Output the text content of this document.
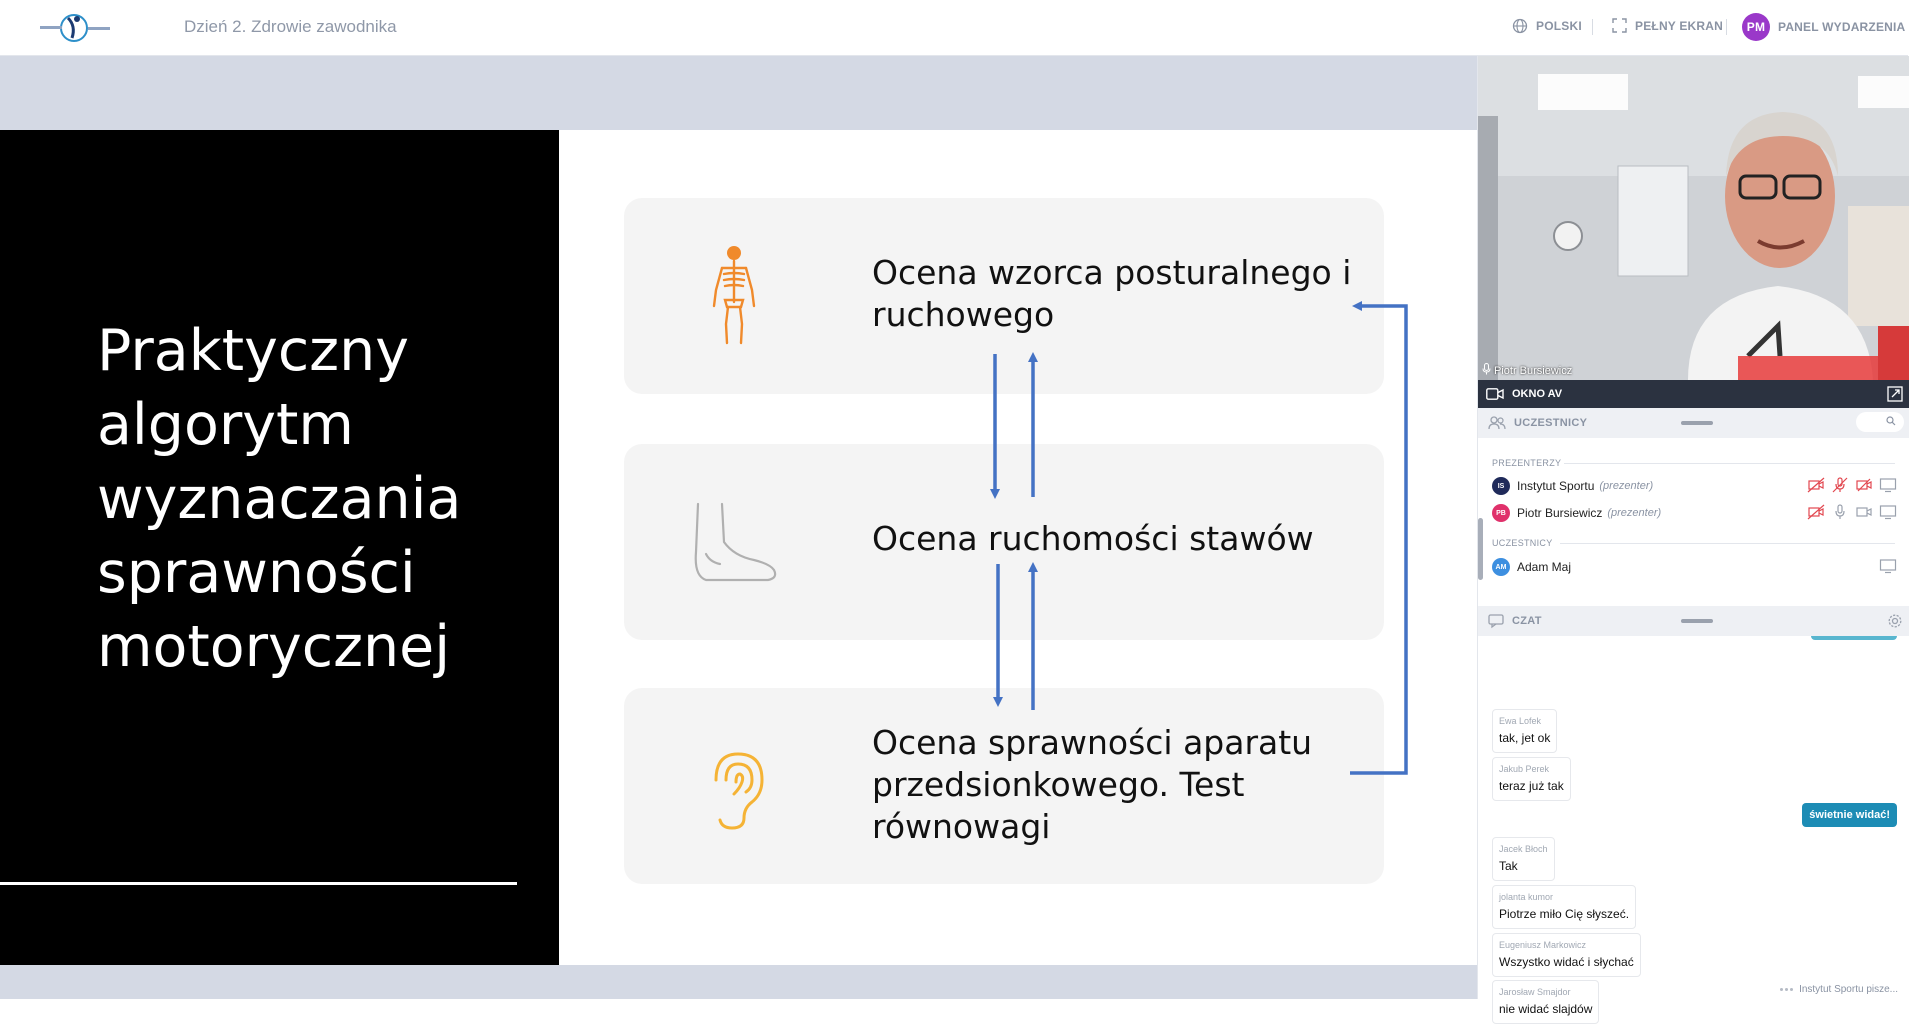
Dzień 2. Zdrowie zawodnika	POLSKI	PEŁNY EKRAN	PM	PANEL WYDARZENIA
Praktyczny
algorytm
wyznaczania
sprawności
motorycznej
Ocena wzorca posturalnego i
ruchowego
Ocena ruchomości stawów
Ocena sprawności aparatu
przedsionkowego. Test
równowagi
Piotr Bursiewicz
OKNO AV
UCZESTNICY
PREZENTERZY
IS	Instytut Sportu (prezenter)
PB Piotr Bursiewicz (prezenter)
UCZESTNICY
AM Adam Maj
CZAT
Ewa Lofek
tak, jet ok
Jakub Perek
teraz już tak
świetnie widać!
Jacek Błoch
Tak
jolanta kumor
Piotrze miło Cię słyszeć.
Eugeniusz Markowicz
Wszystko widać i słychać
Jarosław Smajdor
nie widać slajdów
Instytut Sportu pisze...
